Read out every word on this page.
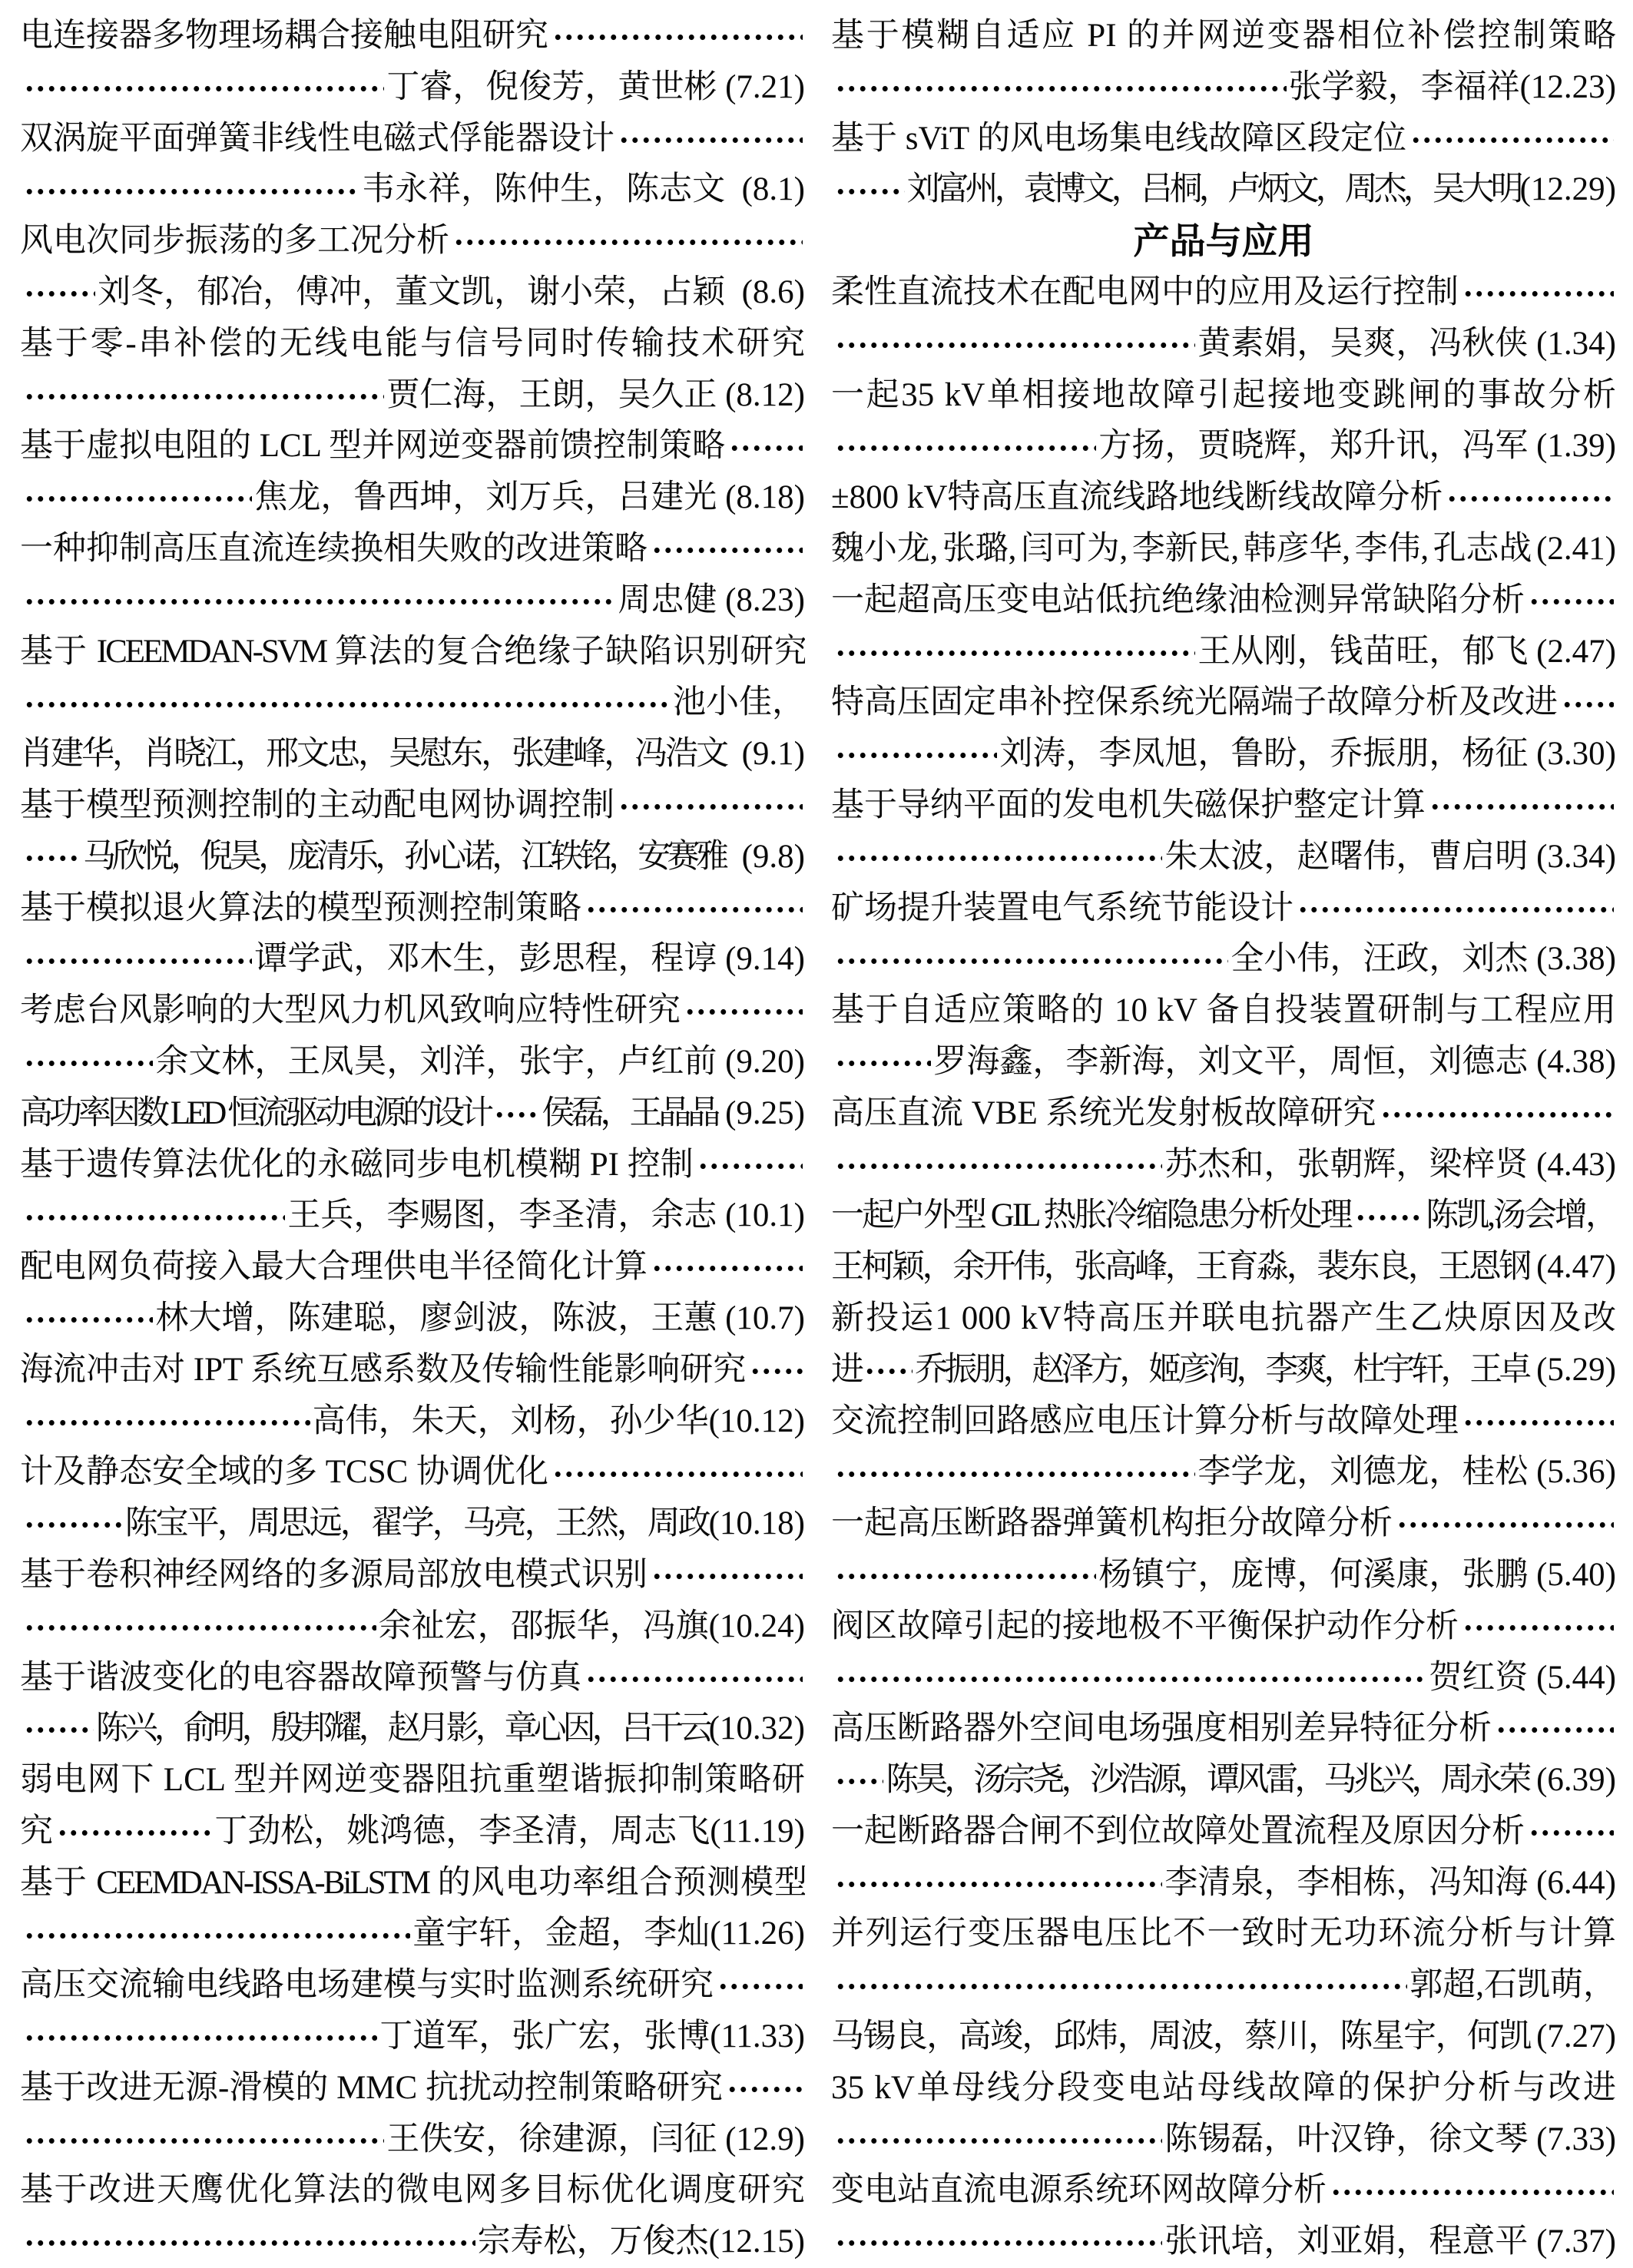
电连接器多物理场耦合接触电阻研究
丁睿，倪俊芳，黄世彬 (7.21)
双涡旋平面弹簧非线性电磁式俘能器设计
韦永祥，陈仲生，陈志文 (8.1)
风电次同步振荡的多工况分析
刘冬，郁冶，傅冲，董文凯，谢小荣，占颖 (8.6)
基于零-串补偿的无线电能与信号同时传输技术研究
贾仁海，王朗，吴久正 (8.12)
基于虚拟电阻的 LCL 型并网逆变器前馈控制策略
焦龙，鲁西坤，刘万兵，吕建光 (8.18)
一种抑制高压直流连续换相失败的改进策略
周忠健 (8.23)
基于 ICEEMDAN-SVM 算法的复合绝缘子缺陷识别研究
池小佳，
肖建华，肖晓江，邢文忠，吴慰东，张建峰，冯浩文 (9.1)
基于模型预测控制的主动配电网协调控制
马欣悦，倪昊，庞清乐，孙心诺，江轶铭，安赛雅 (9.8)
基于模拟退火算法的模型预测控制策略
谭学武，邓木生，彭思程，程谆 (9.14)
考虑台风影响的大型风力机风致响应特性研究
余文林，王凤昊，刘洋，张宇，卢红前 (9.20)
高功率因数 LED 恒流驱动电源的设计 侯磊，王晶晶 (9.25)
基于遗传算法优化的永磁同步电机模糊 PI 控制
王兵，李赐图，李圣清，余志 (10.1)
配电网负荷接入最大合理供电半径简化计算
林大增，陈建聪，廖剑波，陈波，王蕙 (10.7)
海流冲击对 IPT 系统互感系数及传输性能影响研究
高伟，朱天，刘杨，孙少华 (10.12)
计及静态安全域的多 TCSC 协调优化
陈宝平，周思远，翟学，马亮，王然，周政 (10.18)
基于卷积神经网络的多源局部放电模式识别
余祉宏，邵振华，冯旗 (10.24)
基于谐波变化的电容器故障预警与仿真
陈兴，俞明，殷邦耀，赵月影，章心因，吕干云 (10.32)
弱电网下 LCL 型并网逆变器阻抗重塑谐振抑制策略研
究	丁劲松，姚鸿德，李圣清，周志飞 (11.19)
基于 CEEMDAN-ISSA-BiLSTM 的风电功率组合预测模型
童宇轩，金超，李灿 (11.26)
高压交流输电线路电场建模与实时监测系统研究
丁道军，张广宏，张博 (11.33)
基于改进无源-滑模的 MMC 抗扰动控制策略研究
王佚安，徐建源，闫征 (12.9)
基于改进天鹰优化算法的微电网多目标优化调度研究
宗寿松，万俊杰 (12.15)
基于模糊自适应 PI 的并网逆变器相位补偿控制策略
张学毅，李福祥 (12.23)
基于 sViT 的风电场集电线故障区段定位
刘富州，袁博文，吕桐，卢炳文，周杰，吴大明 (12.29)
产品与应用
柔性直流技术在配电网中的应用及运行控制
黄素娟，吴爽，冯秋侠 (1.34)
一起35 kV单相接地故障引起接地变跳闸的事故分析
方扬，贾晓辉，郑升讯，冯军 (1.39)
±800 kV特高压直流线路地线断线故障分析
魏小龙, 张璐, 闫可为, 李新民, 韩彦华, 李伟, 孔志战 (2.41)
一起超高压变电站低抗绝缘油检测异常缺陷分析
王从刚，钱苗旺，郁飞 (2.47)
特高压固定串补控保系统光隔端子故障分析及改进
刘涛，李凤旭，鲁盼，乔振朋，杨征 (3.30)
基于导纳平面的发电机失磁保护整定计算
朱太波，赵曙伟，曹启明 (3.34)
矿场提升装置电气系统节能设计
全小伟，汪政，刘杰 (3.38)
基于自适应策略的 10 kV 备自投装置研制与工程应用
罗海鑫，李新海，刘文平，周恒，刘德志 (4.38)
高压直流 VBE 系统光发射板故障研究
苏杰和，张朝辉，梁梓贤 (4.43)
一起户外型 GIL 热胀冷缩隐患分析处理 陈凯,汤会增，
王柯颖，余开伟，张高峰，王育淼，裴东良，王恩钢 (4.47)
新投运1 000 kV特高压并联电抗器产生乙炔原因及改
进 乔振朋，赵泽方，姬彦洵，李爽，杜宇轩，王卓 (5.29)
交流控制回路感应电压计算分析与故障处理
李学龙，刘德龙，桂松 (5.36)
一起高压断路器弹簧机构拒分故障分析
杨镇宁，庞博，何溪康，张鹏 (5.40)
阀区故障引起的接地极不平衡保护动作分析
贺红资 (5.44)
高压断路器外空间电场强度相别差异特征分析
陈昊，汤宗尧，沙浩源，谭风雷，马兆兴，周永荣 (6.39)
一起断路器合闸不到位故障处置流程及原因分析
李清泉，李相栋，冯知海 (6.44)
并列运行变压器电压比不一致时无功环流分析与计算
郭超,石凯萌，
马锡良，高竣，邱炜，周波，蔡川，陈星宇，何凯 (7.27)
35 kV单母线分段变电站母线故障的保护分析与改进
陈锡磊，叶汉铮，徐文琴 (7.33)
变电站直流电源系统环网故障分析
张讯培，刘亚娟，程意平 (7.37)
